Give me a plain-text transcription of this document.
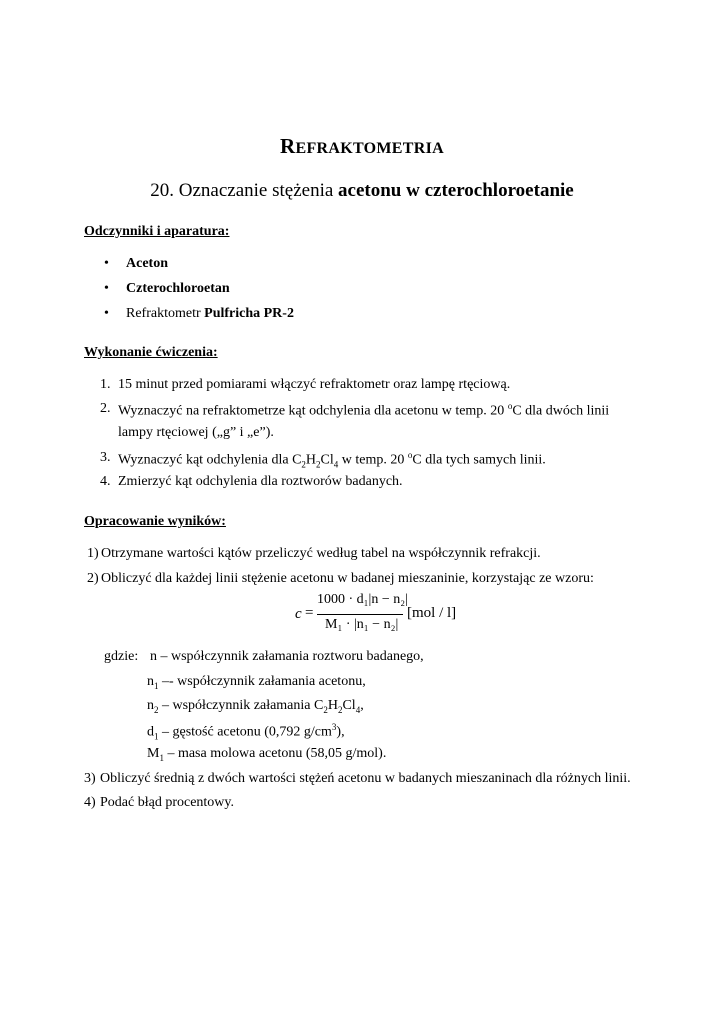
REFRAKTOMETRIA
20. Oznaczanie stężenia acetonu w czterochloroetanie
Odczynniki i aparatura:
• Aceton
• Czterochloroetan
• Refraktometr Pulfricha PR-2
Wykonanie ćwiczenia:
1. 15 minut przed pomiarami włączyć refraktometr oraz lampę rtęciową.
2. Wyznaczyć na refraktometrze kąt odchylenia dla acetonu w temp. 20 $^o$C dla dwóch linii
lampy rtęciowej („g” i „e”).
3. Wyznaczyć kąt odchylenia dla $C_2H_2Cl_4$ w temp. 20 $^o$C dla tych samych linii.
4. Zmierzyć kąt odchylenia dla roztworów badanych.
Opracowanie wyników:
1) Otrzymane wartości kątów przeliczyć według tabel na współczynnik refrakcji.
2) Obliczyć dla każdej linii stężenie acetonu w badanej mieszaninie, korzystając ze wzoru:
c =
1000 · d₁|n − n₂|
M₁ · |n₁ − n₂|
[mol / l]
gdzie: n – współczynnik załamania roztworu badanego,
$n_1$ –- współczynnik załamania acetonu,
$n_2$ – współczynnik załamania $C_2H_2Cl_4$,
$d_1$ – gęstość acetonu (0,792 $g/cm^3$),
$M_1$ – masa molowa acetonu (58,05 g/mol).
3) Obliczyć średnią z dwóch wartości stężeń acetonu w badanych mieszaninach dla różnych linii.
4) Podać błąd procentowy.
